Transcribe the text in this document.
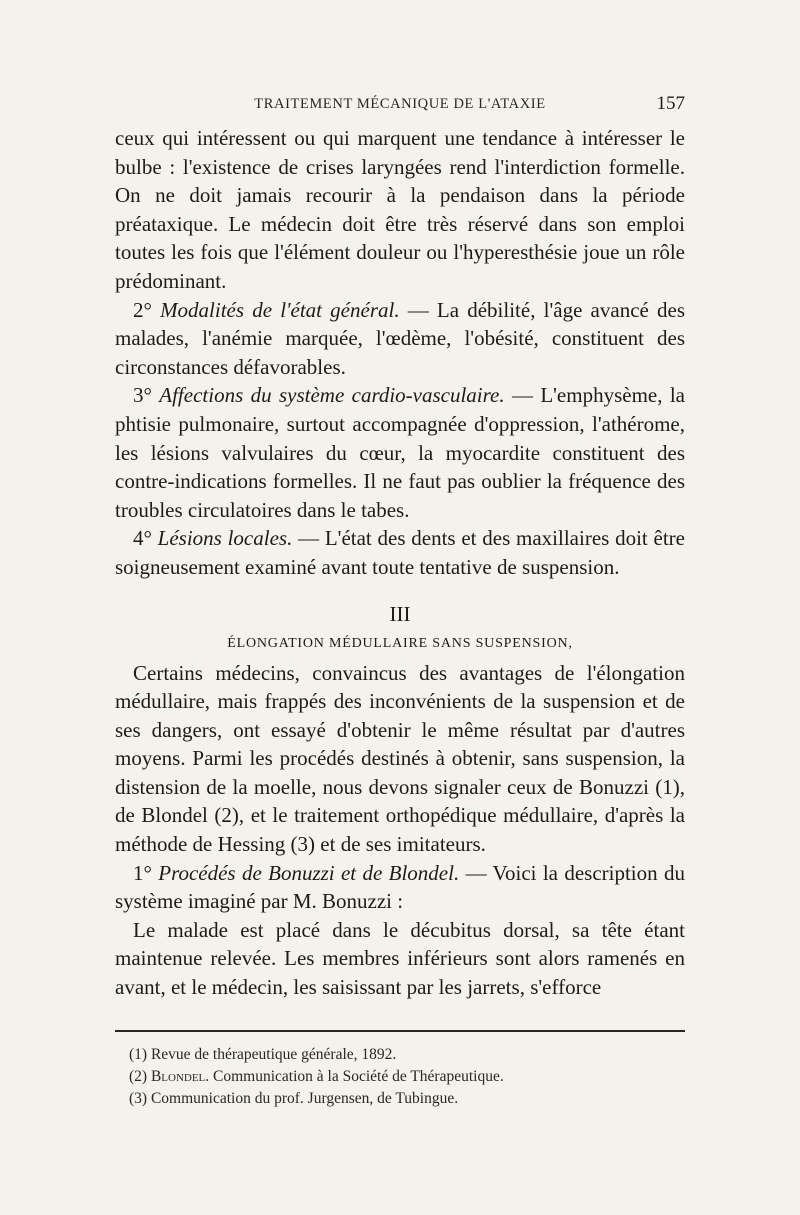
TRAITEMENT MÉCANIQUE DE L'ATAXIE	157

ceux qui intéressent ou qui marquent une tendance à intéresser le bulbe : l'existence de crises laryngées rend l'interdiction formelle. On ne doit jamais recourir à la pendaison dans la période préataxique. Le médecin doit être très réservé dans son emploi toutes les fois que l'élément douleur ou l'hyperesthésie joue un rôle prédominant.

2° Modalités de l'état général. — La débilité, l'âge avancé des malades, l'anémie marquée, l'œdème, l'obésité, constituent des circonstances défavorables.

3° Affections du système cardio-vasculaire. — L'emphysème, la phtisie pulmonaire, surtout accompagnée d'oppression, l'athérome, les lésions valvulaires du cœur, la myocardite constituent des contre-indications formelles. Il ne faut pas oublier la fréquence des troubles circulatoires dans le tabes.

4° Lésions locales. — L'état des dents et des maxillaires doit être soigneusement examiné avant toute tentative de suspension.

III
ÉLONGATION MÉDULLAIRE SANS SUSPENSION,

Certains médecins, convaincus des avantages de l'élongation médullaire, mais frappés des inconvénients de la suspension et de ses dangers, ont essayé d'obtenir le même résultat par d'autres moyens. Parmi les procédés destinés à obtenir, sans suspension, la distension de la moelle, nous devons signaler ceux de Bonuzzi (1), de Blondel (2), et le traitement orthopédique médullaire, d'après la méthode de Hessing (3) et de ses imitateurs.

1° Procédés de Bonuzzi et de Blondel. — Voici la description du système imaginé par M. Bonuzzi :

Le malade est placé dans le décubitus dorsal, sa tête étant maintenue relevée. Les membres inférieurs sont alors ramenés en avant, et le médecin, les saisissant par les jarrets, s'efforce

(1) Revue de thérapeutique générale, 1892.

(2) Blondel. Communication à la Société de Thérapeutique.

(3) Communication du prof. Jurgensen, de Tubingue.
